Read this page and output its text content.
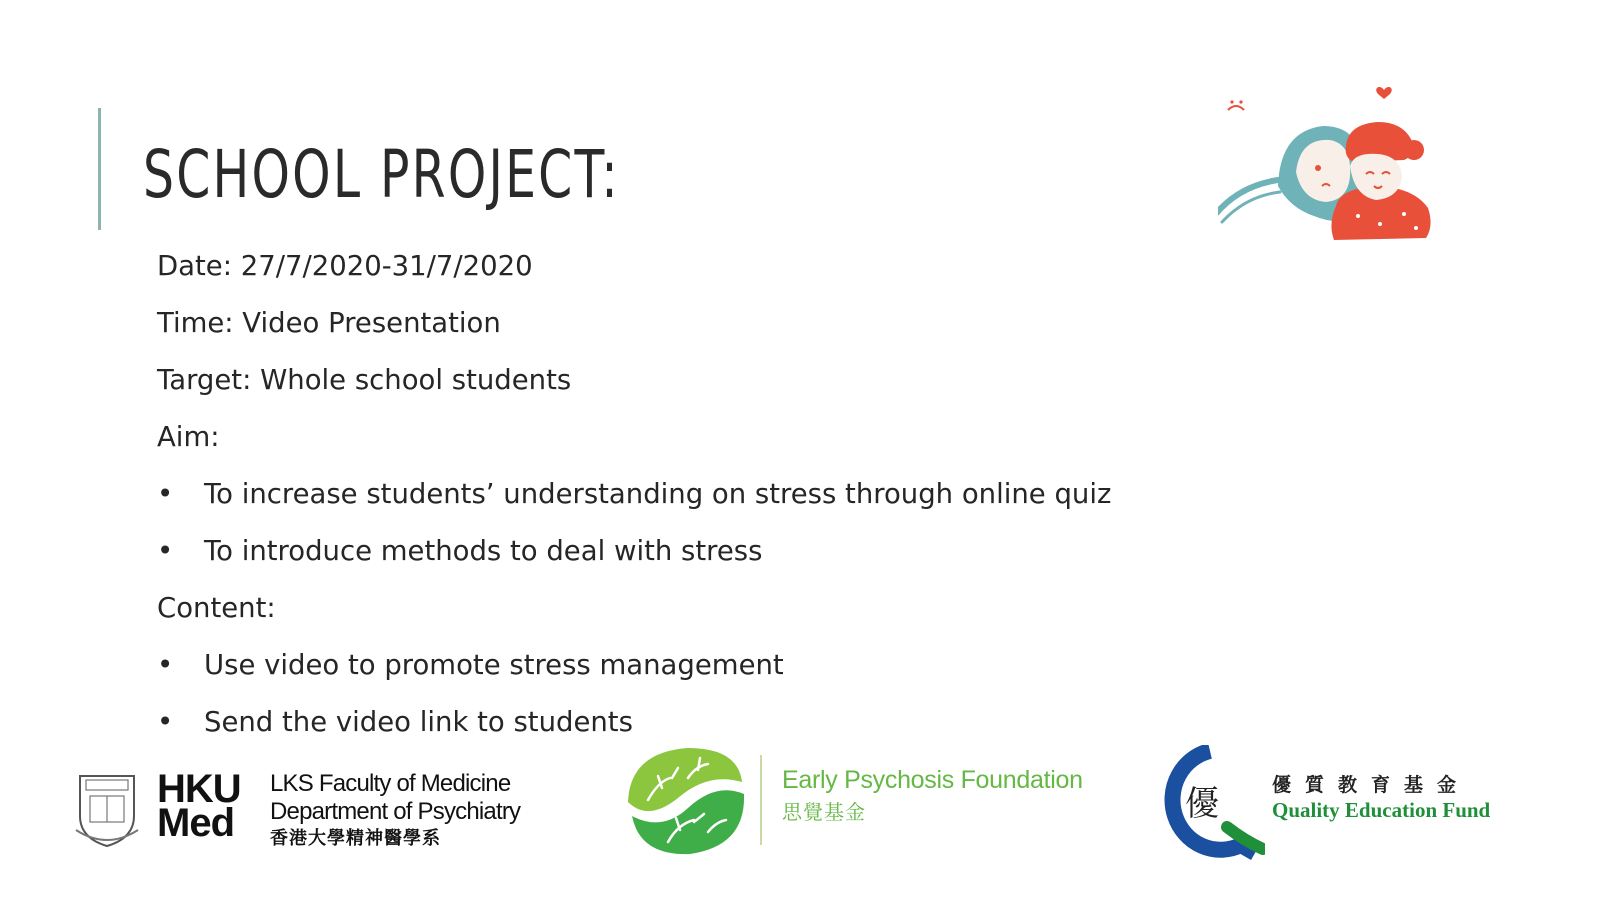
SCHOOL PROJECT:
Date: 27/7/2020-31/7/2020
Time: Video Presentation
Target: Whole school students
Aim:
• To increase students’ understanding on stress through online quiz
• To introduce methods to deal with stress
Content:
• Use video to promote stress management
• Send the video link to students
HKU
Med
LKS Faculty of Medicine
Department of Psychiatry
香港大學精神醫學系
Early Psychosis Foundation
思覺基金	優	優質教育基金
Quality Education Fund
